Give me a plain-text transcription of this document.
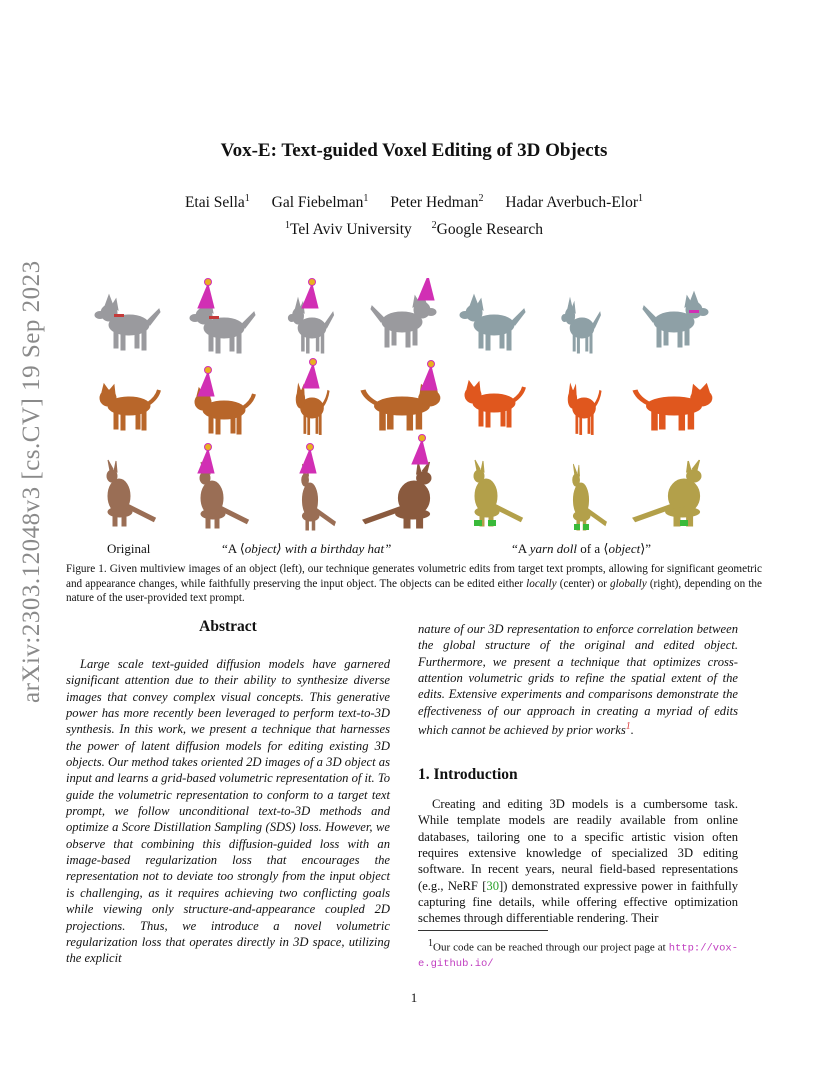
arXiv:2303.12048v3 [cs.CV] 19 Sep 2023
Vox-E: Text-guided Voxel Editing of 3D Objects
Etai Sella$^1$ Gal Fiebelman$^1$ Peter Hedman$^2$ Hadar Averbuch-Elor$^1$
$^1$Tel Aviv University $^2$Google Research
Original	“A ⟨object⟩ with a birthday hat”	“A yarn doll of a ⟨object⟩”
Figure 1. Given multiview images of an object (left), our technique generates volumetric edits from target text prompts, allowing for significant geometric and appearance changes, while faithfully preserving the input object. The objects can be edited either locally (center) or globally (right), depending on the nature of the user-provided text prompt.
Abstract
Large scale text-guided diffusion models have garnered significant attention due to their ability to synthesize diverse images that convey complex visual concepts. This generative power has more recently been leveraged to perform text-to-3D synthesis. In this work, we present a technique that harnesses the power of latent diffusion models for editing existing 3D objects. Our method takes oriented 2D images of a 3D object as input and learns a grid-based volumetric representation of it. To guide the volumetric representation to conform to a target text prompt, we follow unconditional text-to-3D methods and optimize a Score Distillation Sampling (SDS) loss. However, we observe that combining this diffusion-guided loss with an image-based regularization loss that encourages the representation not to deviate too strongly from the input object is challenging, as it requires achieving two conflicting goals while viewing only structure-and-appearance coupled 2D projections. Thus, we introduce a novel volumetric regularization loss that operates directly in 3D space, utilizing the explicit
nature of our 3D representation to enforce correlation between the global structure of the original and edited object. Furthermore, we present a technique that optimizes cross-attention volumetric grids to refine the spatial extent of the edits. Extensive experiments and comparisons demonstrate the effectiveness of our approach in creating a myriad of edits which cannot be achieved by prior works$^1$.
1. Introduction
Creating and editing 3D models is a cumbersome task. While template models are readily available from online databases, tailoring one to a specific artistic vision often requires extensive knowledge of specialized 3D editing software. In recent years, neural field-based representations (e.g., NeRF [30]) demonstrated expressive power in faithfully capturing fine details, while offering effective optimization schemes through differentiable rendering. Their
$^1$Our code can be reached through our project page at http://vox-e.github.io/
1
